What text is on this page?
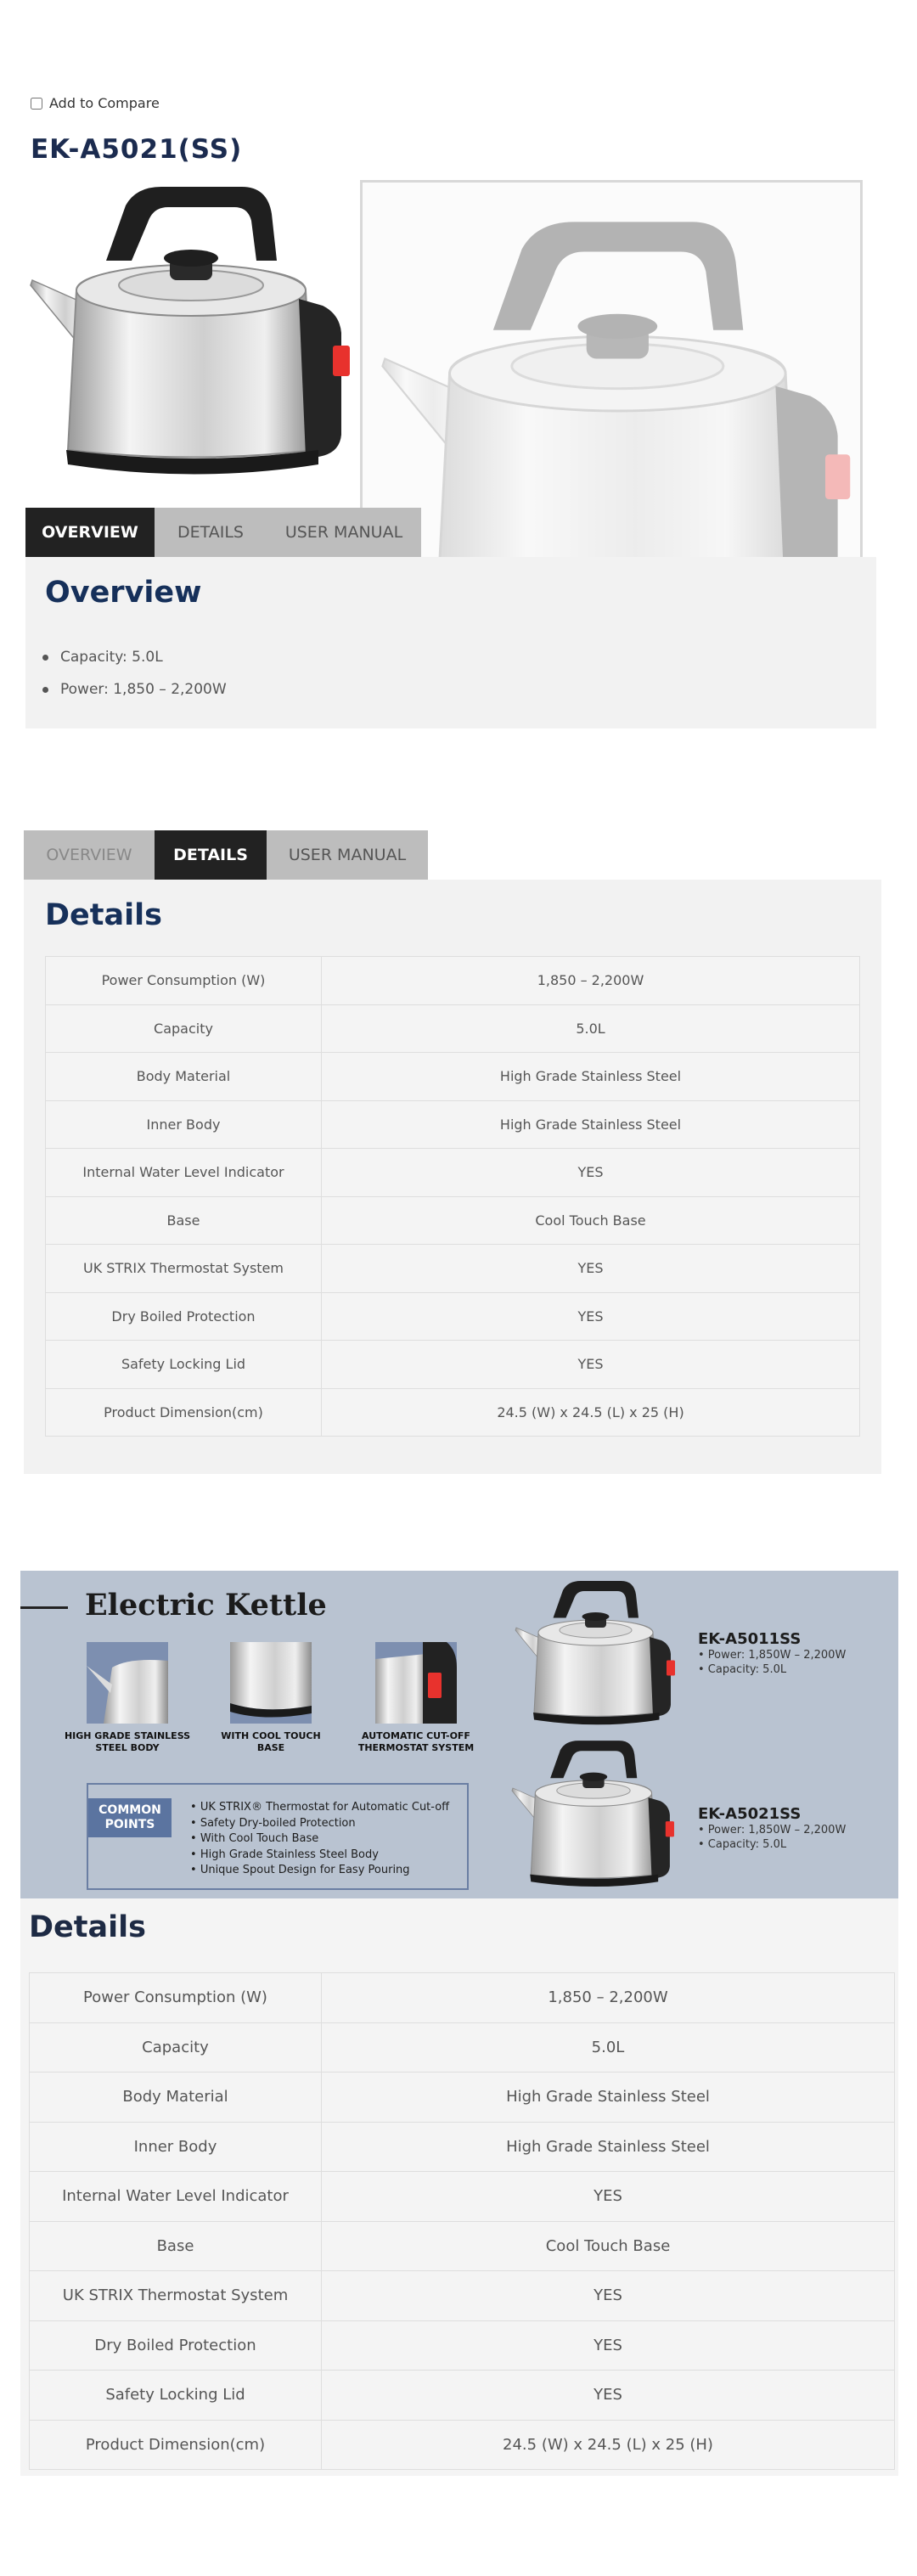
Add to Compare
EK-A5021(SS)
OVERVIEW	DETAILS	USER MANUAL
Overview
Capacity: 5.0L
Power: 1,850 – 2,200W
OVERVIEW	DETAILS	USER MANUAL
Details
Power Consumption (W)	1,850 – 2,200W
Capacity	5.0L
Body Material	High Grade Stainless Steel
Inner Body	High Grade Stainless Steel
Internal Water Level Indicator	YES
Base	Cool Touch Base
UK STRIX Thermostat System	YES
Dry Boiled Protection	YES
Safety Locking Lid	YES
Product Dimension(cm)	24.5 (W) x 24.5 (L) x 25 (H)
Electric Kettle
HIGH GRADE STAINLESS STEEL BODY
WITH COOL TOUCH BASE
AUTOMATIC CUT-OFF THERMOSTAT SYSTEM
COMMON POINTS
• UK STRIX® Thermostat for Automatic Cut-off
• Safety Dry-boiled Protection
• With Cool Touch Base
• High Grade Stainless Steel Body
• Unique Spout Design for Easy Pouring
EK-A5011SS
• Power: 1,850W – 2,200W
• Capacity: 5.0L
EK-A5021SS
• Power: 1,850W – 2,200W
• Capacity: 5.0L
Details
Power Consumption (W)	1,850 – 2,200W
Capacity	5.0L
Body Material	High Grade Stainless Steel
Inner Body	High Grade Stainless Steel
Internal Water Level Indicator	YES
Base	Cool Touch Base
UK STRIX Thermostat System	YES
Dry Boiled Protection	YES
Safety Locking Lid	YES
Product Dimension(cm)	24.5 (W) x 24.5 (L) x 25 (H)
